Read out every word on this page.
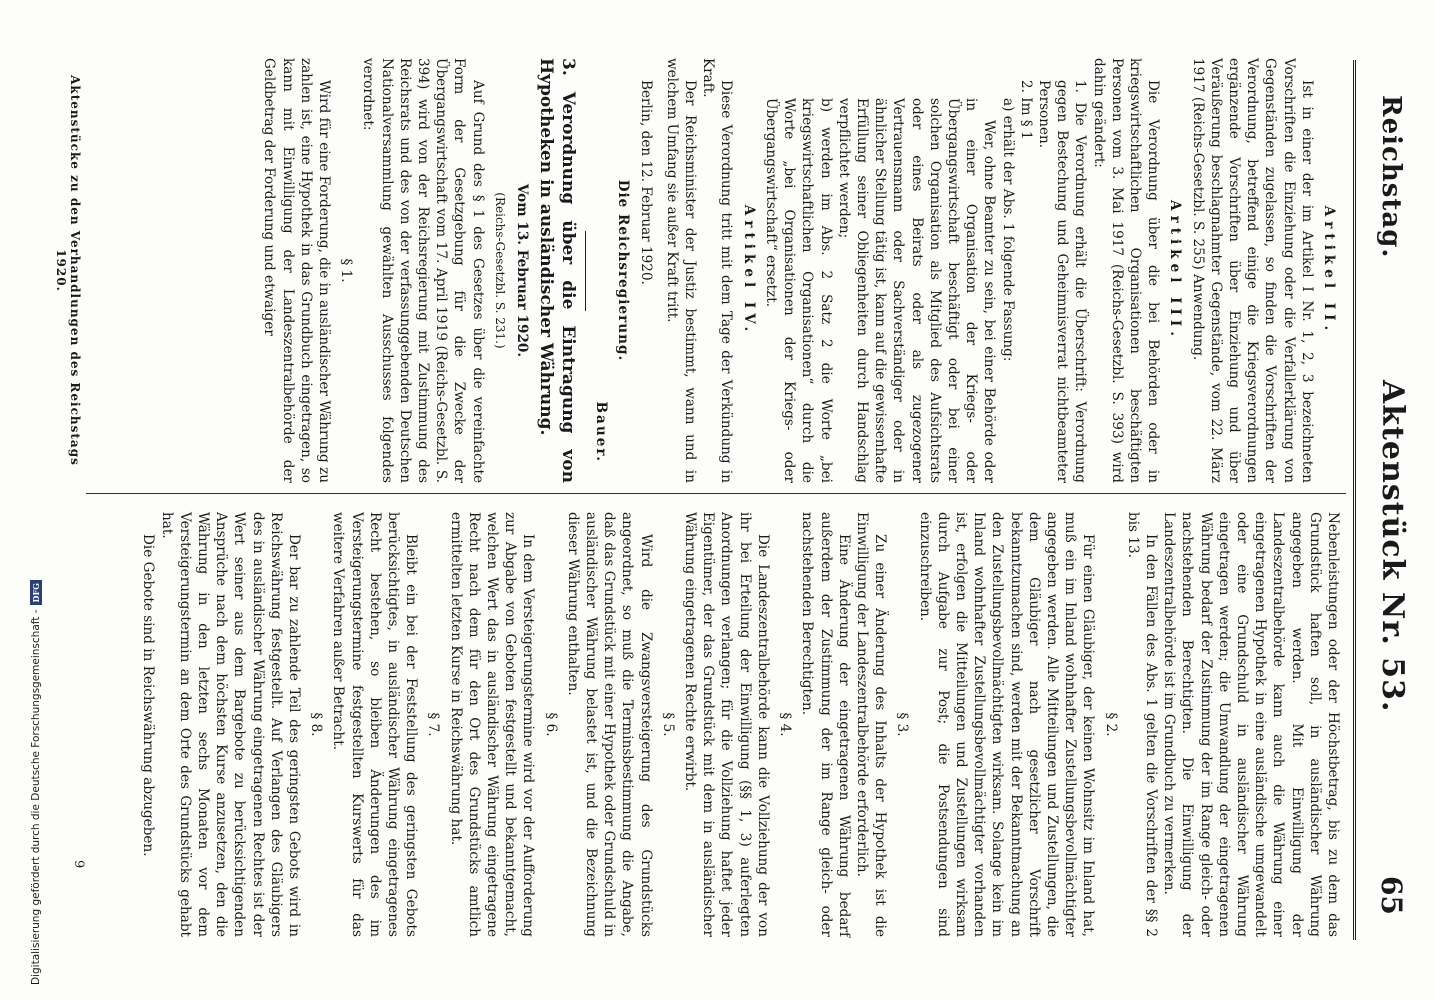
Reichstag.
Aktenstück Nr. 53.
65
Artikel II.

Ist in einer der im Artikel I Nr. 1, 2, 3 bezeichneten Vorschriften die Einziehung oder die Verfallerklärung von Gegenständen zugelassen, so finden die Vorschriften der Verordnung, betreffend einige die Kriegsverordnungen ergänzende Vorschriften über Einziehung und über Veräußerung beschlagnahmter Gegenstände, vom 22. März 1917 (Reichs-Gesetzbl. S. 255) Anwendung.

Artikel III.

Die Verordnung über die bei Behörden oder in kriegswirtschaftlichen Organisationen beschäftigten Personen vom 3. Mai 1917 (Reichs-Gesetzbl. S. 393) wird dahin geändert:

1. Die Verordnung erhält die Überschrift: Verordnung gegen Bestechung und Geheimnisverrat nichtbeamteter Personen.

2. Im § 1

a) erhält der Abs. 1 folgende Fassung:

Wer, ohne Beamter zu sein, bei einer Behörde oder in einer Organisation der Kriegs- oder Übergangswirtschaft beschäftigt oder bei einer solchen Organisation als Mitglied des Aufsichtsrats oder eines Beirats oder als zugezogener Vertrauensmann oder Sachverständiger oder in ähnlicher Stellung tätig ist, kann auf die gewissenhafte Erfüllung seiner Obliegenheiten durch Handschlag verpflichtet werden;

b) werden im Abs. 2 Satz 2 die Worte „bei kriegswirtschaftlichen Organisationen“ durch die Worte „bei Organisationen der Kriegs- oder Übergangswirtschaft“ ersetzt.

Artikel IV.

Diese Verordnung tritt mit dem Tage der Verkündung in Kraft.

Der Reichsminister der Justiz bestimmt, wann und in welchem Umfang sie außer Kraft tritt.

Berlin, den 12. Februar 1920.

Die Reichsregierung.
Bauer.

3. Verordnung über die Eintragung von Hypotheken in ausländischer Währung.

Vom 13. Februar 1920.
(Reichs-Gesetzbl. S. 231.)

Auf Grund des § 1 des Gesetzes über die vereinfachte Form der Gesetzgebung für die Zwecke der Übergangswirtschaft vom 17. April 1919 (Reichs-Gesetzbl. S. 394) wird von der Reichsregierung mit Zustimmung des Reichsrats und des von der verfassunggebenden Deutschen Nationalversammlung gewählten Ausschusses folgendes verordnet:

§ 1.

Wird für eine Forderung, die in ausländischer Währung zu zahlen ist, eine Hypothek in das Grundbuch eingetragen, so kann mit Einwilligung der Landeszentralbehörde der Geldbetrag der Forderung und etwaiger

Nebenleistungen oder der Höchstbetrag, bis zu dem das Grundstück haften soll, in ausländischer Währung angegeben werden. Mit Einwilligung der Landeszentralbehörde kann auch die Währung einer eingetragenen Hypothek in eine ausländische umgewandelt oder eine Grundschuld in ausländischer Währung eingetragen werden; die Umwandlung der eingetragenen Währung bedarf der Zustimmung der im Range gleich- oder nachstehenden Berechtigten. Die Einwilligung der Landeszentralbehörde ist im Grundbuch zu vermerken.

In den Fällen des Abs. 1 gelten die Vorschriften der §§ 2 bis 13.

§ 2.

Für einen Gläubiger, der keinen Wohnsitz im Inland hat, muß ein im Inland wohnhafter Zustellungsbevollmächtigter angegeben werden. Alle Mitteilungen und Zustellungen, die dem Gläubiger nach gesetzlicher Vorschrift bekanntzumachen sind, werden mit der Bekanntmachung an den Zustellungsbevollmächtigten wirksam. Solange kein im Inland wohnhafter Zustellungsbevollmächtigter vorhanden ist, erfolgen die Mitteilungen und Zustellungen wirksam durch Aufgabe zur Post; die Postsendungen sind einzuschreiben.

§ 3.

Zu einer Änderung des Inhalts der Hypothek ist die Einwilligung der Landeszentralbehörde erforderlich.

Eine Änderung der eingetragenen Währung bedarf außerdem der Zustimmung der im Range gleich- oder nachstehenden Berechtigten.

§ 4.

Die Landeszentralbehörde kann die Vollziehung der von ihr bei Erteilung der Einwilligung (§§ 1, 3) auferlegten Anordnungen verlangen; für die Vollziehung haftet jeder Eigentümer, der das Grundstück mit dem in ausländischer Währung eingetragenen Rechte erwirbt.

§ 5.

Wird die Zwangsversteigerung des Grundstücks angeordnet, so muß die Terminsbestimmung die Angabe, daß das Grundstück mit einer Hypothek oder Grundschuld in ausländischer Währung belastet ist, und die Bezeichnung dieser Währung enthalten.

§ 6.

In dem Versteigerungstermine wird vor der Aufforderung zur Abgabe von Geboten festgestellt und bekanntgemacht, welchen Wert das in ausländischer Währung eingetragene Recht nach dem für den Ort des Grundstücks amtlich ermittelten letzten Kurse in Reichswährung hat.

§ 7.

Bleibt ein bei der Feststellung des geringsten Gebots berücksichtigtes, in ausländischer Währung eingetragenes Recht bestehen, so bleiben Änderungen des im Versteigerungstermine festgestellten Kurswerts für das weitere Verfahren außer Betracht.

§ 8.

Der bar zu zahlende Teil des geringsten Gebots wird in Reichswährung festgestellt. Auf Verlangen des Gläubigers des in ausländischer Währung eingetragenen Rechtes ist der Wert seiner aus dem Bargebote zu berücksichtigenden Ansprüche nach dem höchsten Kurse anzusetzen, den die Währung in den letzten sechs Monaten vor dem Versteigerungstermin an dem Orte des Grundstücks gehabt hat.

Die Gebote sind in Reichswährung abzugeben.

Aktenstücke zu den Verhandlungen des Reichstags 1920.
9
Digitalisierung gefördert durch die Deutsche Forschungsgemeinschaft -DFG
